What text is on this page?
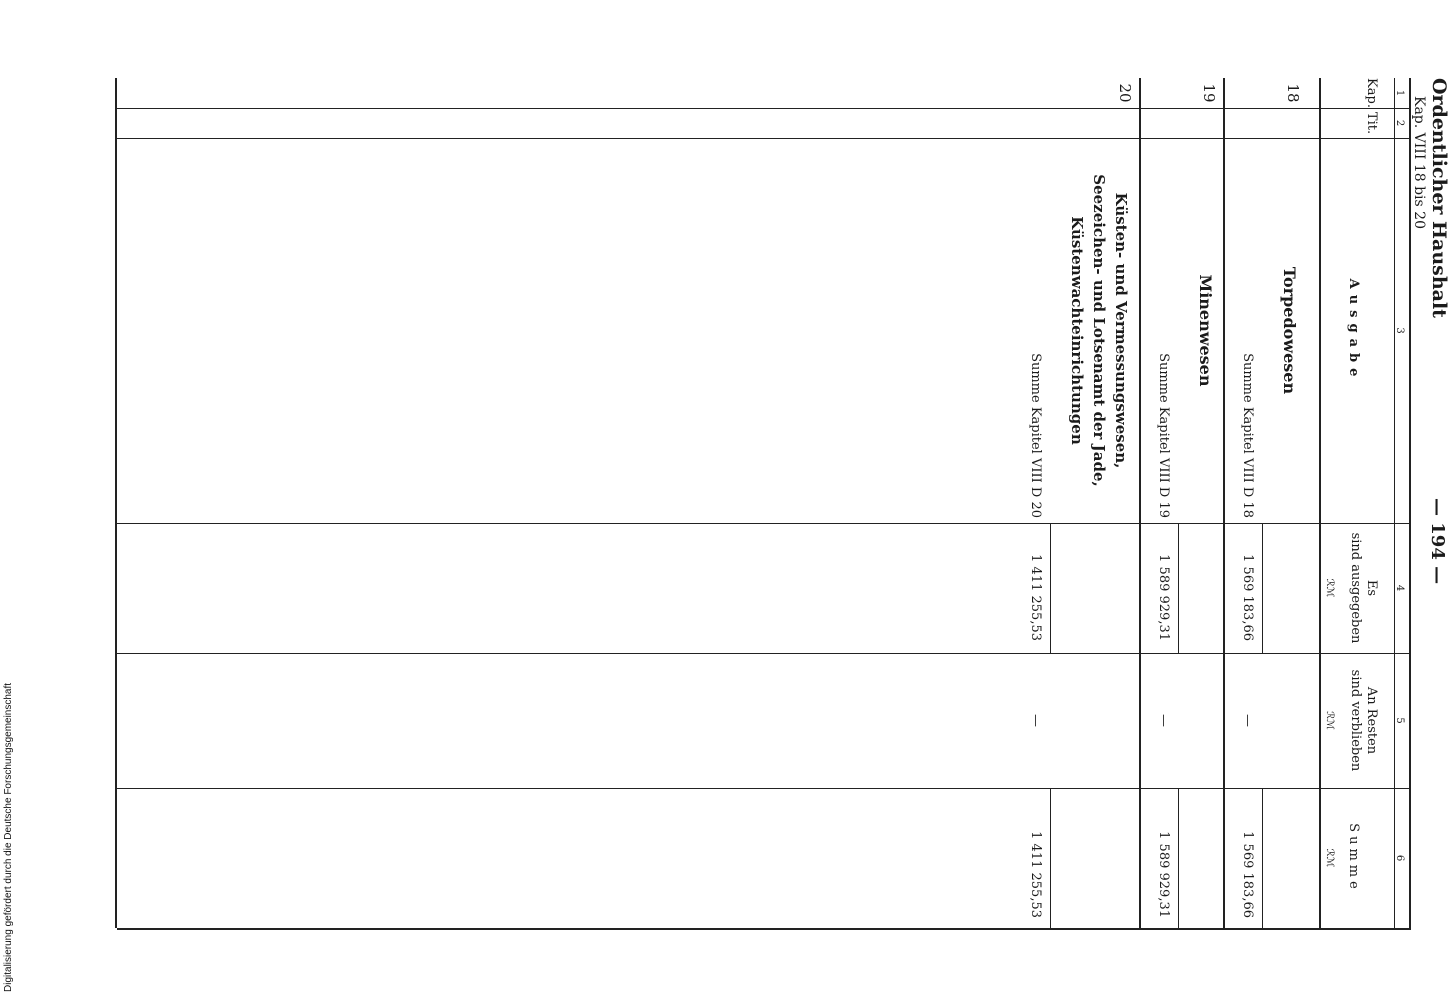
Digitalisierung gefördert durch die Deutsche Forschungsgemeinschaft
Ordentlicher Haushalt
Kap. VIII 18 bis 20
— 194 —
1
2
3
4
5
6
Kap.
Tit.
Ausgabe
Es
sind ausgegeben
ℛℳ
An Resten
sind verblieben
ℛℳ
Summe
ℛℳ
18
Torpedowesen
Summe Kapitel VIII D 18
1 569 183,66
—
1 569 183,66
19
Minenwesen
Summe Kapitel VIII D 19
1 589 929,31
—
1 589 929,31
20
Küsten- und Vermessungswesen,
Seezeichen- und Lotsenamt der Jade,
Küstenwachteinrichtungen
Summe Kapitel VIII D 20
1 411 255,53
—
1 411 255,53
